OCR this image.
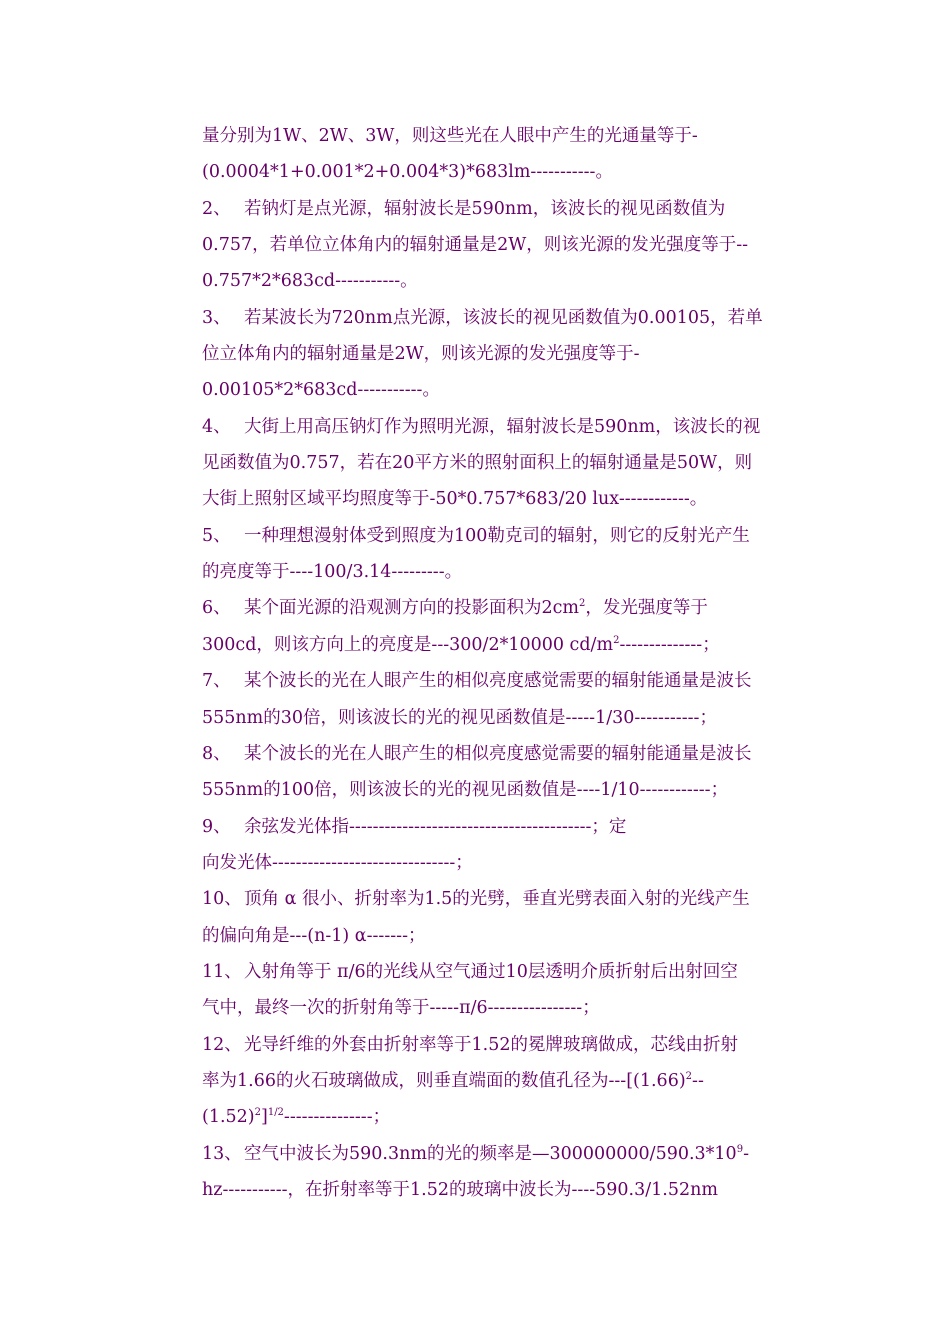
量分别为1W、2W、3W，则这些光在人眼中产生的光通量等于-
(0.0004*1+0.001*2+0.004*3)*683lm-----------。
2、 若钠灯是点光源，辐射波长是590nm，该波长的视见函数值为
0.757，若单位立体角内的辐射通量是2W，则该光源的发光强度等于--
0.757*2*683cd-----------。
3、 若某波长为720nm点光源，该波长的视见函数值为0.00105，若单
位立体角内的辐射通量是2W，则该光源的发光强度等于-
0.00105*2*683cd-----------。
4、 大街上用高压钠灯作为照明光源，辐射波长是590nm，该波长的视
见函数值为0.757，若在20平方米的照射面积上的辐射通量是50W，则
大街上照射区域平均照度等于-50*0.757*683/20 lux------------。
5、 一种理想漫射体受到照度为100勒克司的辐射，则它的反射光产生
的亮度等于----100/3.14---------。
6、 某个面光源的沿观测方向的投影面积为$2cm^2$，发光强度等于
300cd，则该方向上的亮度是---300/2*10000 $cd/m^2--------------$；
7、 某个波长的光在人眼产生的相似亮度感觉需要的辐射能通量是波长
555nm的30倍，则该波长的光的视见函数值是-----1/30-----------；
8、 某个波长的光在人眼产生的相似亮度感觉需要的辐射能通量是波长
555nm的100倍，则该波长的光的视见函数值是----1/10------------；
9、 余弦发光体指-----------------------------------------；定
向发光体-------------------------------；
10、 顶角 α 很小、折射率为1.5的光劈，垂直光劈表面入射的光线产生
的偏向角是---(n-1) α-------；
11、 入射角等于 π/6的光线从空气通过10层透明介质折射后出射回空
气中，最终一次的折射角等于-----π/6----------------；
12、 光导纤维的外套由折射率等于1.52的冕牌玻璃做成，芯线由折射
率为1.66的火石玻璃做成，则垂直端面的数值孔径为$---[(1.66)^2--$
$(1.52)^2]^{1/2}---------------$；
13、 空气中波长为590.3nm的光的频率是$—300000000/590.3*10^9-$
hz-----------，在折射率等于1.52的玻璃中波长为----590.3/1.52nm
